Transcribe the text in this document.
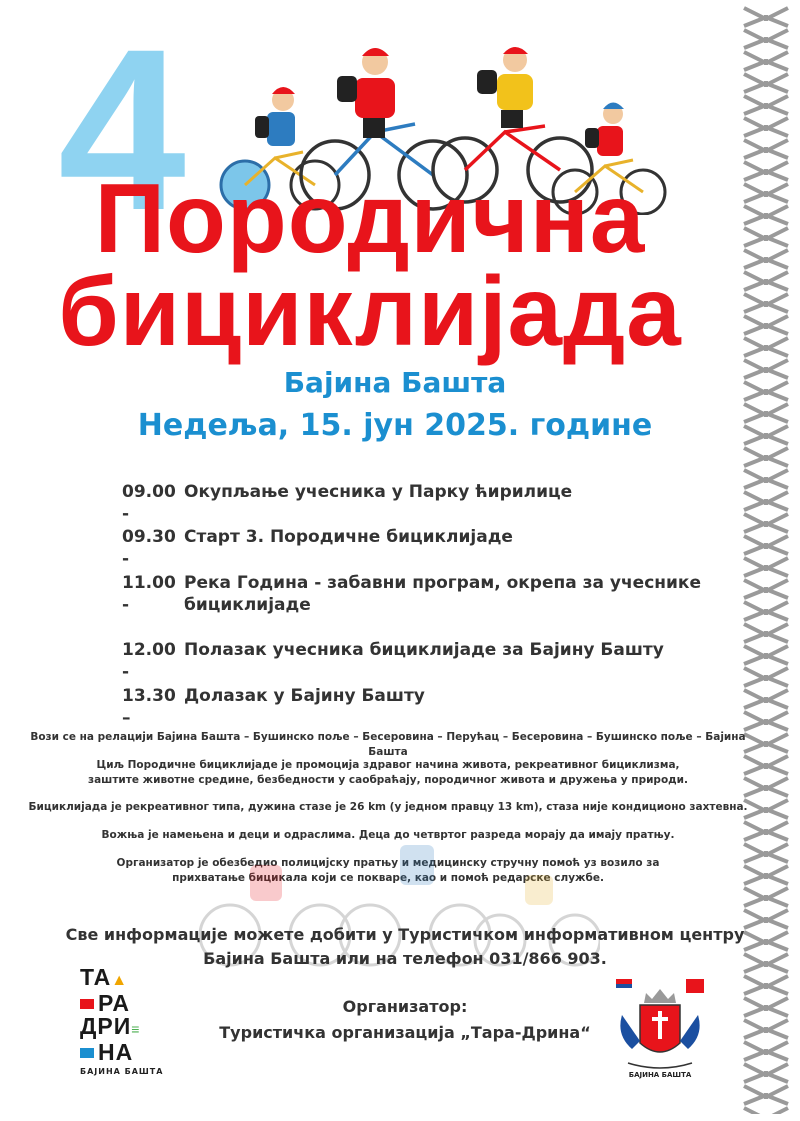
4
Породична
бициклијада
Бајина Башта
Недеља, 15. јун 2025. године
09.00 -
Окупљање учесника у Парку ћирилице
09.30 -
Старт 3. Породичне бициклијаде
11.00 -
Река Година - забавни програм, окрепа за учеснике бициклијаде
12.00 -
Полазак учесника бициклијаде за Бајину Башту
13.30 –
Долазак у Бајину Башту
Вози се на релацији Бајина Башта – Бушинско поље – Бесеровина – Перућац – Бесеровина – Бушинско поље – Бајина Башта
Циљ Породичне бициклијаде је промоција здравог начина живота, рекреативног бициклизма, заштите животне средине, безбедности у саобраћају, породичног живота и дружења у природи.
Бициклијада је рекреативног типа, дужина стазе је 26 km (у једном правцу 13 km), стаза није кондиционо захтевна.
Вожња је намењена и деци и одраслима. Деца до четвртог разреда морају да имају пратњу.
Организатор је обезбедио полицијску пратњу и медицинску стручну помоћ уз возило за прихватање бицикала који се покваре, као и помоћ редарске службе.
Све информације можете добити у Туристичком информативном центру Бајина Башта или на телефон 031/866 903.
Организатор:
Туристичка организација „Тара-Дрина“
ТА▲
РА
ДРИ≡
НА
БАЈИНА БАШТА	БАЈИНА БАШТА
